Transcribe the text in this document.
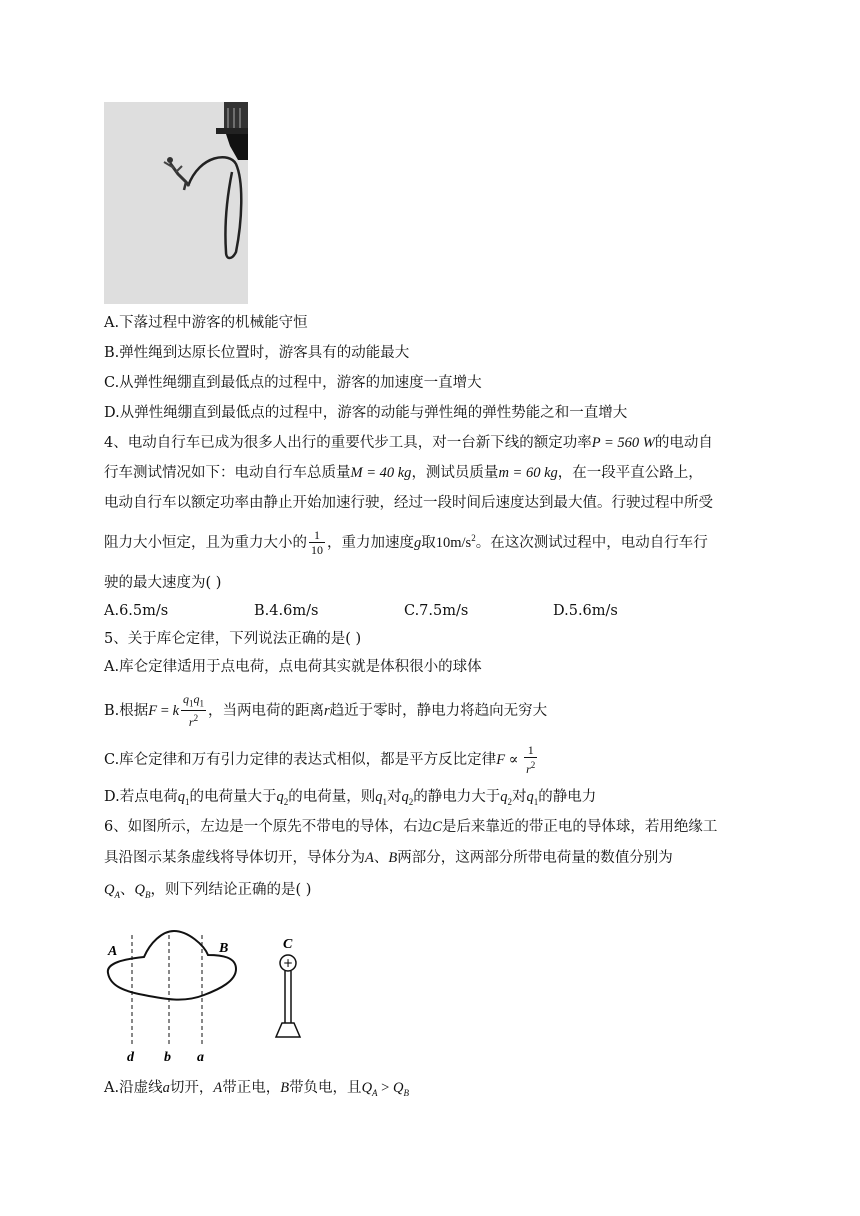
A.下落过程中游客的机械能守恒
B.弹性绳到达原长位置时，游客具有的动能最大
C.从弹性绳绷直到最低点的过程中，游客的加速度一直增大
D.从弹性绳绷直到最低点的过程中，游客的动能与弹性绳的弹性势能之和一直增大
4、电动自行车已成为很多人出行的重要代步工具，对一台新下线的额定功率P = 560 W的电动自
行车测试情况如下：电动自行车总质量M = 40 kg，测试员质量m = 60 kg，在一段平直公路上，
电动自行车以额定功率由静止开始加速行驶，经过一段时间后速度达到最大值。行驶过程中所受
阻力大小恒定，且为重力大小的 $\frac{1}{10}$ ，重力加速度g取$10m/s^2$。在这次测试过程中，电动自行车行
驶的最大速度为( )
A.6.5m/s	B.4.6m/s	C.7.5m/s	D.5.6m/s
5、关于库仑定律，下列说法正确的是( )
A.库仑定律适用于点电荷，点电荷其实就是体积很小的球体
B.根据F = k $\frac{q_1q_1}{r^2}$ ，当两电荷的距离r趋近于零时，静电力将趋向无穷大
C.库仑定律和万有引力定律的表达式相似，都是平方反比定律$F \propto \frac{1}{r^2}$
D.若点电荷$q_1$的电荷量大于$q_2$的电荷量，则$q_1$对$q_2$的静电力大于$q_2$对$q_1$的静电力
6、如图所示，左边是一个原先不带电的导体，右边C是后来靠近的带正电的导体球，若用绝缘工
具沿图示某条虚线将导体切开，导体分为A、B两部分，这两部分所带电荷量的数值分别为
$Q_A$、$Q_B$，则下列结论正确的是( )
A	B	C
d b a
+
A.沿虚线a切开，A带正电，B带负电，且$Q_A > Q_B$
